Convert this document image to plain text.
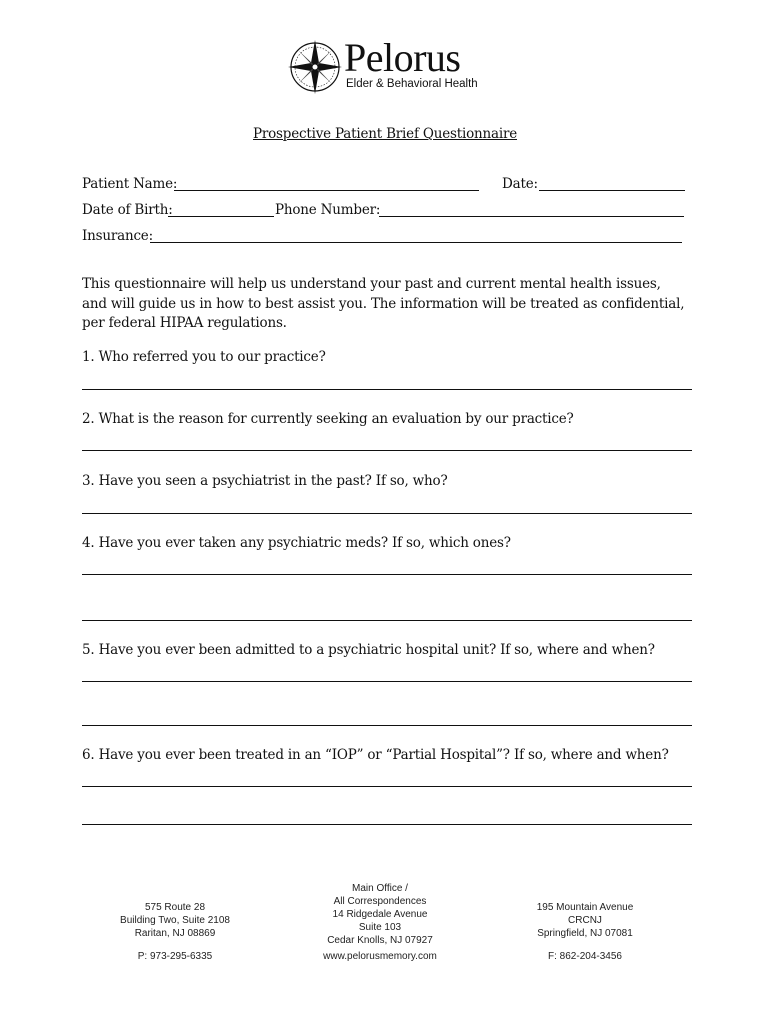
Pelorus
Elder & Behavioral Health
Prospective Patient Brief Questionnaire
Patient Name:	Date:
Date of Birth:	Phone Number:
Insurance:
This questionnaire will help us understand your past and current mental health issues,
and will guide us in how to best assist you. The information will be treated as confidential,
per federal HIPAA regulations.
1. Who referred you to our practice?
2. What is the reason for currently seeking an evaluation by our practice?
3. Have you seen a psychiatrist in the past? If so, who?
4. Have you ever taken any psychiatric meds? If so, which ones?
5. Have you ever been admitted to a psychiatric hospital unit? If so, where and when?
6. Have you ever been treated in an “IOP” or “Partial Hospital”? If so, where and when?
575 Route 28
Building Two, Suite 2108
Raritan, NJ 08869
Main Office /
All Correspondences
14 Ridgedale Avenue
Suite 103
Cedar Knolls, NJ 07927
195 Mountain Avenue
CRCNJ
Springfield, NJ 07081
P: 973-295-6335	www.pelorusmemory.com	F: 862-204-3456
